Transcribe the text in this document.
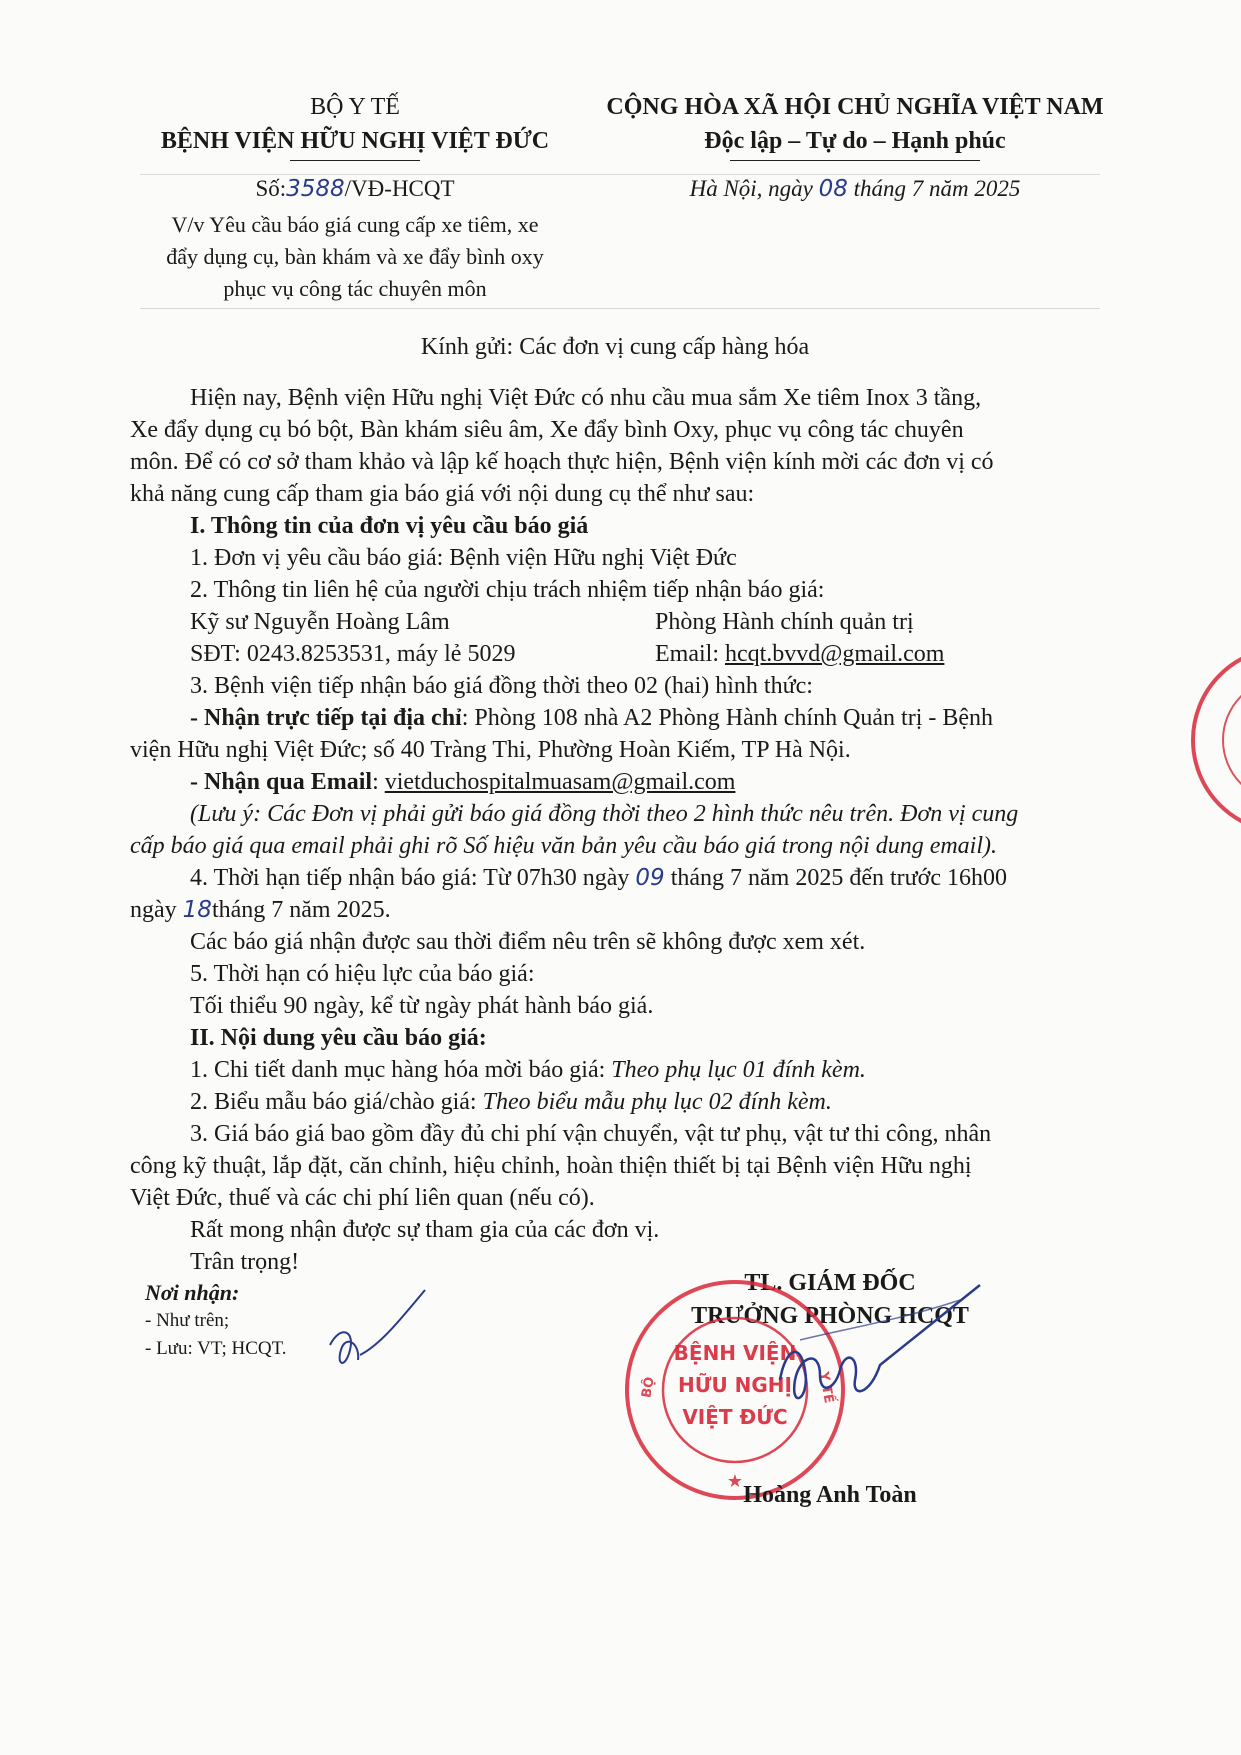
BỘ Y TẾ
BỆNH VIỆN HỮU NGHỊ VIỆT ĐỨC
Số:3588/VĐ-HCQT
V/v Yêu cầu báo giá cung cấp xe tiêm, xe
đẩy dụng cụ, bàn khám và xe đẩy bình oxy
phục vụ công tác chuyên môn
CỘNG HÒA XÃ HỘI CHỦ NGHĨA VIỆT NAM
Độc lập – Tự do – Hạnh phúc
Hà Nội, ngày 08 tháng 7 năm 2025
Kính gửi: Các đơn vị cung cấp hàng hóa
Hiện nay, Bệnh viện Hữu nghị Việt Đức có nhu cầu mua sắm Xe tiêm Inox 3 tầng,
Xe đẩy dụng cụ bó bột, Bàn khám siêu âm, Xe đẩy bình Oxy, phục vụ công tác chuyên
môn. Để có cơ sở tham khảo và lập kế hoạch thực hiện, Bệnh viện kính mời các đơn vị có
khả năng cung cấp tham gia báo giá với nội dung cụ thể như sau:
I. Thông tin của đơn vị yêu cầu báo giá
1. Đơn vị yêu cầu báo giá: Bệnh viện Hữu nghị Việt Đức
2. Thông tin liên hệ của người chịu trách nhiệm tiếp nhận báo giá:
Kỹ sư Nguyễn Hoàng Lâm	Phòng Hành chính quản trị
SĐT: 0243.8253531, máy lẻ 5029	Email: hcqt.bvvd@gmail.com
3. Bệnh viện tiếp nhận báo giá đồng thời theo 02 (hai) hình thức:
- Nhận trực tiếp tại địa chỉ: Phòng 108 nhà A2 Phòng Hành chính Quản trị - Bệnh
viện Hữu nghị Việt Đức; số 40 Tràng Thi, Phường Hoàn Kiếm, TP Hà Nội.
- Nhận qua Email: vietduchospitalmuasam@gmail.com
(Lưu ý: Các Đơn vị phải gửi báo giá đồng thời theo 2 hình thức nêu trên. Đơn vị cung
cấp báo giá qua email phải ghi rõ Số hiệu văn bản yêu cầu báo giá trong nội dung email).
4. Thời hạn tiếp nhận báo giá: Từ 07h30 ngày 09 tháng 7 năm 2025 đến trước 16h00
ngày 18tháng 7 năm 2025.
Các báo giá nhận được sau thời điểm nêu trên sẽ không được xem xét.
5. Thời hạn có hiệu lực của báo giá:
Tối thiểu 90 ngày, kể từ ngày phát hành báo giá.
II. Nội dung yêu cầu báo giá:
1. Chi tiết danh mục hàng hóa mời báo giá: Theo phụ lục 01 đính kèm.
2. Biểu mẫu báo giá/chào giá: Theo biểu mẫu phụ lục 02 đính kèm.
3. Giá báo giá bao gồm đầy đủ chi phí vận chuyển, vật tư phụ, vật tư thi công, nhân
công kỹ thuật, lắp đặt, căn chỉnh, hiệu chỉnh, hoàn thiện thiết bị tại Bệnh viện Hữu nghị
Việt Đức, thuế và các chi phí liên quan (nếu có).
Rất mong nhận được sự tham gia của các đơn vị.
Trân trọng!
Nơi nhận:
- Như trên;
- Lưu: VT; HCQT.
TL. GIÁM ĐỐC
TRƯỞNG PHÒNG HCQT
★
BỆNH VIỆN
HỮU NGHỊ
VIỆT ĐỨC
BỘ	Y TẾ
Hoàng Anh Toàn
